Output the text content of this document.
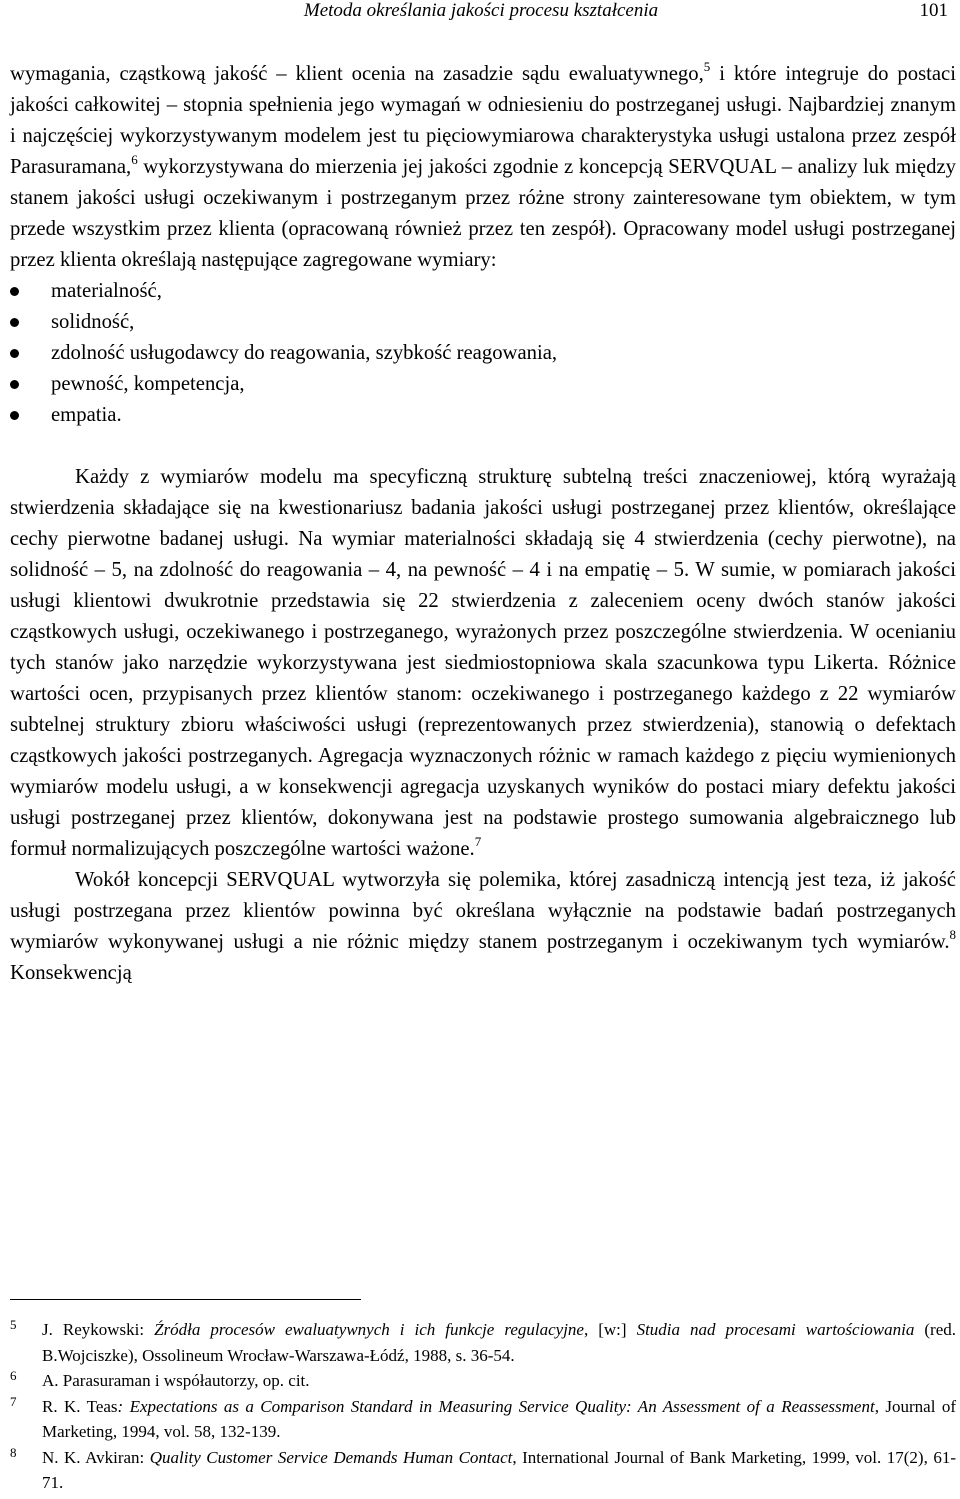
Metoda określania jakości procesu kształcenia	101

wymagania, cząstkową jakość – klient ocenia na zasadzie sądu ewaluatywnego,$^5$ i które integruje do postaci jakości całkowitej – stopnia spełnienia jego wymagań w odniesieniu do postrzeganej usługi. Najbardziej znanym i najczęściej wykorzystywanym modelem jest tu pięciowymiarowa charakterystyka usługi ustalona przez zespół Parasuramana,$^6$ wykorzystywana do mierzenia jej jakości zgodnie z koncepcją SERVQUAL – analizy luk między stanem jakości usługi oczekiwanym i postrzeganym przez różne strony zainteresowane tym obiektem, w tym przede wszystkim przez klienta (opracowaną również przez ten zespół). Opracowany model usługi postrzeganej przez klienta określają następujące zagregowane wymiary:

materialność,
solidność,
zdolność usługodawcy do reagowania, szybkość reagowania,
pewność, kompetencja,
empatia.

Każdy z wymiarów modelu ma specyficzną strukturę subtelną treści znaczeniowej, którą wyrażają stwierdzenia składające się na kwestionariusz badania jakości usługi postrzeganej przez klientów, określające cechy pierwotne badanej usługi. Na wymiar materialności składają się 4 stwierdzenia (cechy pierwotne), na solidność – 5, na zdolność do reagowania – 4, na pewność – 4 i na empatię – 5. W sumie, w pomiarach jakości usługi klientowi dwukrotnie przedstawia się 22 stwierdzenia z zaleceniem oceny dwóch stanów jakości cząstkowych usługi, oczekiwanego i postrzeganego, wyrażonych przez poszczególne stwierdzenia. W ocenianiu tych stanów jako narzędzie wykorzystywana jest siedmiostopniowa skala szacunkowa typu Likerta. Różnice wartości ocen, przypisanych przez klientów stanom: oczekiwanego i postrzeganego każdego z 22 wymiarów subtelnej struktury zbioru właściwości usługi (reprezentowanych przez stwierdzenia), stanowią o defektach cząstkowych jakości postrzeganych. Agregacja wyznaczonych różnic w ramach każdego z pięciu wymienionych wymiarów modelu usługi, a w konsekwencji agregacja uzyskanych wyników do postaci miary defektu jakości usługi postrzeganej przez klientów, dokonywana jest na podstawie prostego sumowania algebraicznego lub formuł normalizujących poszczególne wartości ważone.$^7$

Wokół koncepcji SERVQUAL wytworzyła się polemika, której zasadniczą intencją jest teza, iż jakość usługi postrzegana przez klientów powinna być określana wyłącznie na podstawie badań postrzeganych wymiarów wykonywanej usługi a nie różnic między stanem postrzeganym i oczekiwanym tych wymiarów.$^8$ Konsekwencją

5 J. Reykowski: Źródła procesów ewaluatywnych i ich funkcje regulacyjne, [w:] Studia nad procesami wartościowania (red. B.Wojciszke), Ossolineum Wrocław-Warszawa-Łódź, 1988, s. 36-54.
6 A. Parasuraman i współautorzy, op. cit.
7 R. K. Teas: Expectations as a Comparison Standard in Measuring Service Quality: An Assessment of a Reassessment, Journal of Marketing, 1994, vol. 58, 132-139.
8 N. K. Avkiran: Quality Customer Service Demands Human Contact, International Journal of Bank Marketing, 1999, vol. 17(2), 61-71.
